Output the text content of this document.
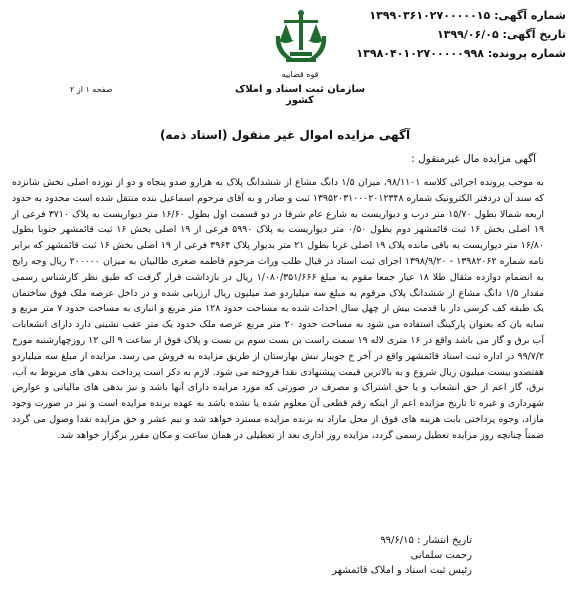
شماره آگهی: ۱۳۹۹۰۳۶۱۰۲۷۰۰۰۰۰۱۵
تاریخ آگهی: ۱۳۹۹/۰۶/۰۵
شماره پرونده: ۱۳۹۸۰۴۰۱۰۲۷۰۰۰۰۰۹۹۸
قوه قضاییه
سازمان ثبت اسناد و املاک کشور
صفحه ۱ از ۲
آگهی مزایده اموال غیر منقول (اسناد ذمه)
آگهی مزایده مال غیرمنقول :
به موجب پرونده اجرائی کلاسه ۹۸/۱۱۰۱، میزان ۱/۵ دانگ مشاع از ششدانگ پلاک به هزارو صدو پنجاه و دو از نوزده اصلی بخش شانزده که سند آن دردفتر الکترونیک شماره ۱۳۹۵۲۰۳۱۰۰۰۲۰۱۲۳۴۸ ثبت و صادر و به آقای مرحوم اسماعیل بنده منتقل شده است محدود به حدود اربعه شمالا بطول ۱۵/۷۰ متر درب و دیواریست به شارع عام شرقا در دو قسمت اول بطول ۱۶/۶۰ متر دیواریست به پلاک ۳۷۱۰ فرعی از ۱۹ اصلی بخش ۱۶ ثبت قائمشهر دوم بطول ۰/۵۰ متر دیواریست به پلاک ۵۹۹۰ فرعی از ۱۹ اصلی بخش ۱۶ ثبت قائمشهر جنوبا بطول ۱۶/۸۰ متر دیواریست به باقی مانده پلاک ۱۹ اصلی غربا بطول ۲۱ متر بدیوار پلاک ۳۹۶۴ فرعی از ۱۹ اصلی بخش ۱۶ ثبت قائمشهر که برابر نامه شماره ۱۳۹۸۲۰۶۲ - ۱۳۹۸/۹/۲۰ اجرای ثبت اسناد در قبال طلب وراث مرحوم فاطمه صغری طالبیان به میزان ۲۰۰۰۰۰ ریال وجه رایج به انضمام دوازده مثقال طلا ۱۸ عیار جمعا مقوم به مبلغ ۱/۰۸۰/۳۵۱/۶۶۶ ریال در بازداشت قرار گرفت که طبق نظر کارشناس رسمی مقدار ۱/۵ دانگ مشاع از ششدانگ پلاک مرقوم به مبلغ سه میلیاردو صد میلیون ریال ارزیابی شده و در داخل عرصه ملک فوق ساختمان یک طبقه کف کرسی دار با قدمت بیش از چهل سال احداث شده به مساحت حدود ۱۲۸ متر مربع و انباری به مساحت حدود ۷ متر مربع و سایه بان که بعنوان پارکینگ استفاده می شود به مساحت حدود ۲۰ متر مربع عرصه ملک حدود یک متر عقب نشینی دارد دارای انشعابات آب برق و گاز می باشد واقع در ۱۶ متری لاله ۱۹ سمت راست بن بست سوم بن بست و پلاک فوق از ساعت ۹ الی ۱۲ روزچهارشنبه مورخ ۹۹/۷/۲ در اداره ثبت اسناد قائمشهر واقع در آخر خ جویبار نبش بهارستان از طریق مزایده به فروش می رسد. مزایده از مبلغ سه میلیاردو هفتصدو بیست میلیون ریال شروع و به بالاترین قیمت پیشنهادی نقدا فروخته می شود. لازم به ذکر است پرداخت بدهی های مربوط به آب، برق، گاز اعم از حق انشعاب و یا حق اشتراک و مصرف در صورتی که مورد مزایده دارای آنها باشد و نیز بدهی های مالیاتی و عوارض شهرداری و غیره تا تاریخ مزایده اعم از اینکه رقم قطعی آن معلوم شده یا نشده باشد به عهده برنده مزایده است و نیز در صورت وجود مازاد، وجوه پرداختی بابت هزینه های فوق از محل مازاد به برنده مزایده مسترد خواهد شد و نیم عشر و حق مزایده نقدا وصول می گردد ضمناً چنانچه روز مزایده تعطیل رسمی گردد، مزایده روز اداری بعد از تعطیلی در همان ساعت و مکان مقرر برگزار خواهد شد.
تاریخ انتشار : ۹۹/۶/۱۵
رحمت سلمانی
رئیس ثبت اسناد و املاک قائمشهر
